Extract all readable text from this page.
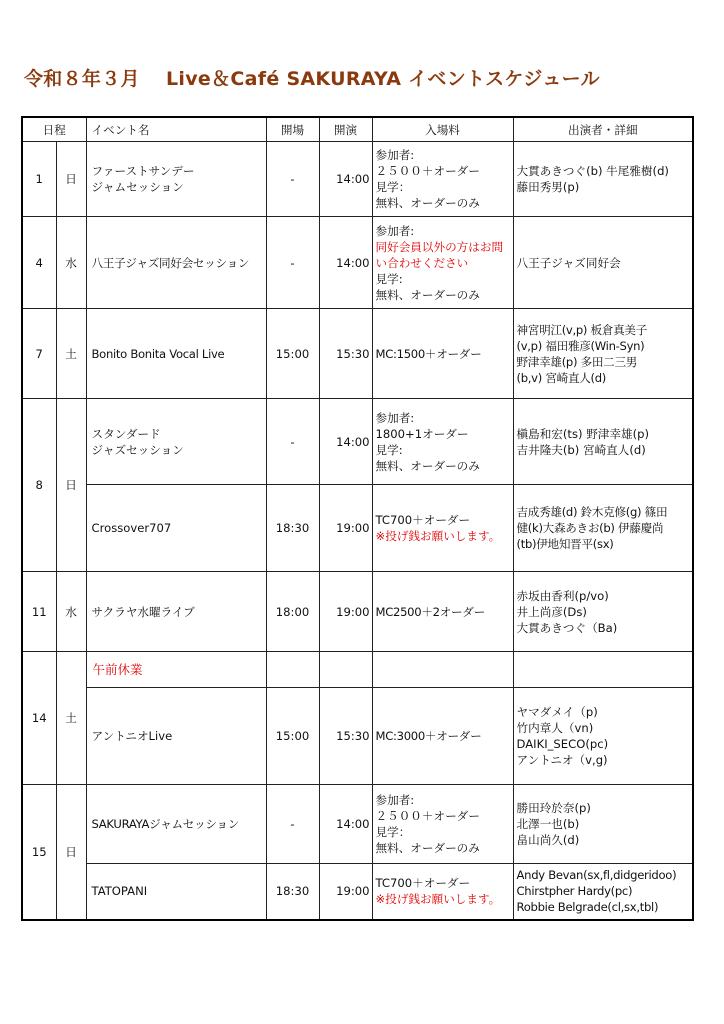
令和８年３月　 Live＆Café SAKURAYA イベントスケジュール
日程		イベント名	開場	開演	入場料	出演者・詳細
1	日	ファーストサンデー
ジャムセッション	-	14:00	参加者:
２５００＋オーダー
見学：
無料、オーダーのみ	大貫あきつぐ(b) 牛尾雅樹(d)
藤田秀男(p)

4	水	八王子ジャズ同好会セッション	-	14:00	参加者:
同好会員以外の方はお問
い合わせください
見学:
無料、オーダーのみ	八王子ジャズ同好会

7	土	Bonito Bonita Vocal Live	15:00	15:30	MC:1500＋オーダー	神宮明江(v,p) 板倉真美子
(v,p) 福田雅彦(Win-Syn)
野津幸雄(p) 多田二三男
(b,v) 宮崎直人(d)

8	日	スタンダード
ジャズセッション	-	14:00	参加者:
1800+1オーダー
見学:
無料、オーダーのみ	槇島和宏(ts) 野津幸雄(p)
吉井隆夫(b) 宮崎直人(d)

		Crossover707	18:30	19:00	TC700＋オーダー
※投げ銭お願いします。	吉成秀雄(d) 鈴木克修(g) 篠田
健(k)大森あきお(b) 伊藤慶尚
(tb)伊地知晋平(sx)

11	水	サクラヤ水曜ライブ	18:00	19:00	MC2500＋2オーダー	赤坂由香利(p/vo)
井上尚彦(Ds)
大貫あきつぐ（Ba)

14	土	午前休業				

		アントニオLive	15:00	15:30	MC:3000＋オーダー	ヤマダメイ（p)
竹内章人（vn)
DAIKI_SECO(pc)
アントニオ（v,g)

15	日	SAKURAYAジャムセッション	-	14:00	参加者:
２５００＋オーダー
見学：
無料、オーダーのみ	勝田玲於奈(p)
北澤一也(b)
畠山尚久(d)

		TATOPANI	18:30	19:00	TC700＋オーダー
※投げ銭お願いします。	Andy Bevan(sx,fl,didgeridoo)
Chirstpher Hardy(pc)
Robbie Belgrade(cl,sx,tbl)
